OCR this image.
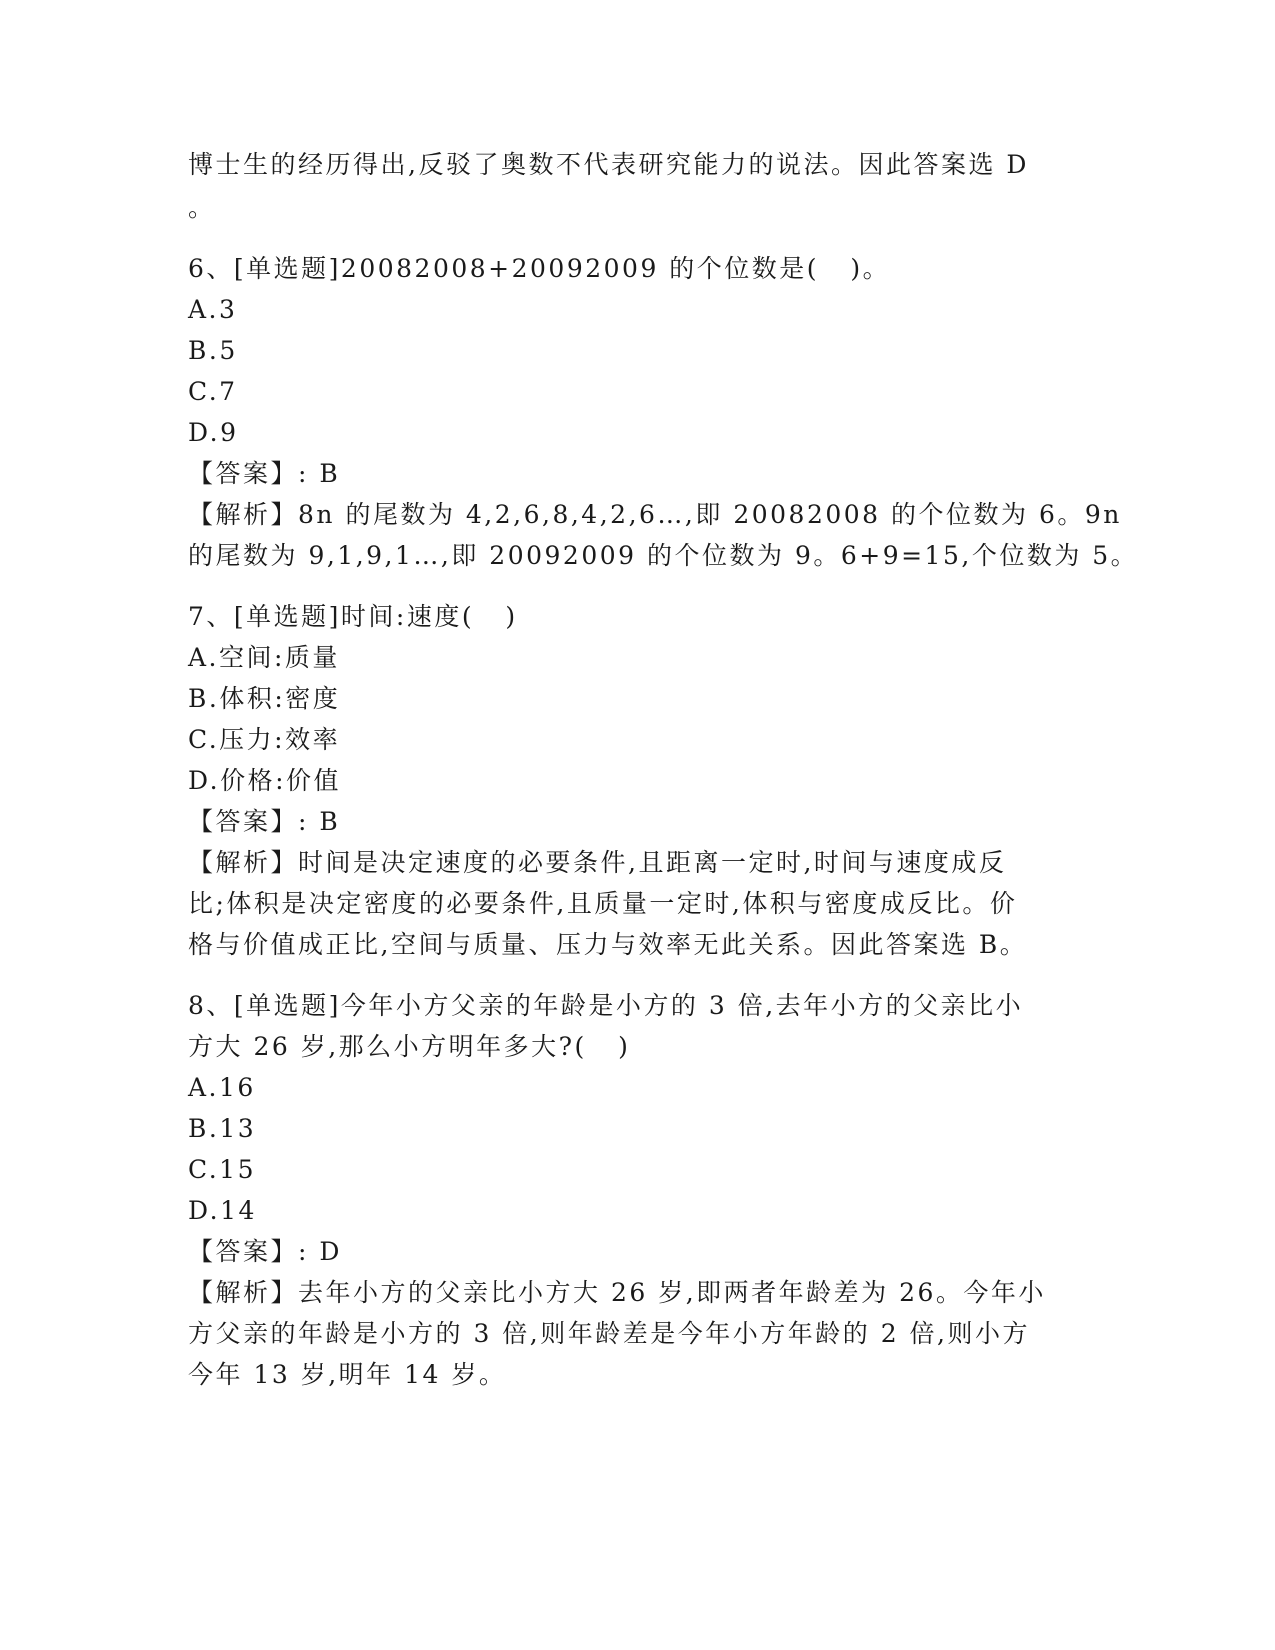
博士生的经历得出,反驳了奥数不代表研究能力的说法。因此答案选 D

。

6、[单选题]20082008+20092009 的个位数是(   )。

A.3

B.5

C.7

D.9

【答案】: B

【解析】8n 的尾数为 4,2,6,8,4,2,6…,即 20082008 的个位数为 6。9n

的尾数为 9,1,9,1…,即 20092009 的个位数为 9。6+9=15,个位数为 5。

7、[单选题]时间:速度(   )

A.空间:质量

B.体积:密度

C.压力:效率

D.价格:价值

【答案】: B

【解析】时间是决定速度的必要条件,且距离一定时,时间与速度成反

比;体积是决定密度的必要条件,且质量一定时,体积与密度成反比。价

格与价值成正比,空间与质量、压力与效率无此关系。因此答案选 B。

8、[单选题]今年小方父亲的年龄是小方的 3 倍,去年小方的父亲比小

方大 26 岁,那么小方明年多大?(   )

A.16

B.13

C.15

D.14

【答案】: D

【解析】去年小方的父亲比小方大 26 岁,即两者年龄差为 26。今年小

方父亲的年龄是小方的 3 倍,则年龄差是今年小方年龄的 2 倍,则小方

今年 13 岁,明年 14 岁。
